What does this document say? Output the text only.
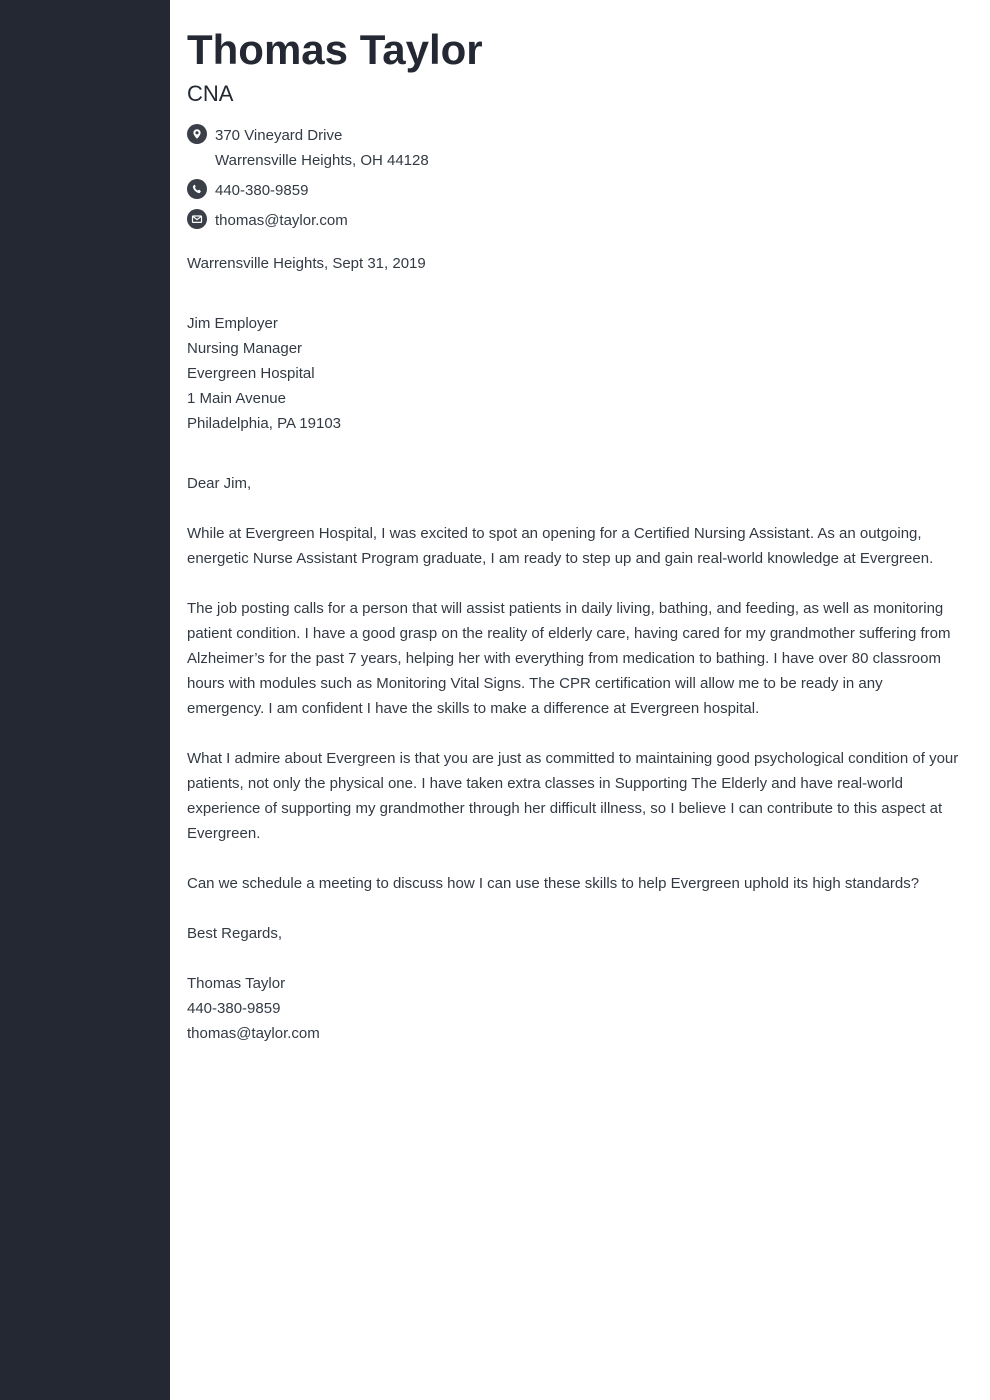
Thomas Taylor
CNA
370 Vineyard Drive
Warrensville Heights, OH 44128
440-380-9859
thomas@taylor.com
Warrensville Heights, Sept 31, 2019
Jim Employer
Nursing Manager
Evergreen Hospital
1 Main Avenue
Philadelphia, PA 19103
Dear Jim,
While at Evergreen Hospital, I was excited to spot an opening for a Certified Nursing Assistant. As an outgoing, energetic Nurse Assistant Program graduate, I am ready to step up and gain real-world knowledge at Evergreen.
The job posting calls for a person that will assist patients in daily living, bathing, and feeding, as well as monitoring patient condition. I have a good grasp on the reality of elderly care, having cared for my grandmother suffering from Alzheimer’s for the past 7 years, helping her with everything from medication to bathing. I have over 80 classroom hours with modules such as Monitoring Vital Signs. The CPR certification will allow me to be ready in any emergency. I am confident I have the skills to make a difference at Evergreen hospital.
What I admire about Evergreen is that you are just as committed to maintaining good psychological condition of your patients, not only the physical one. I have taken extra classes in Supporting The Elderly and have real-world experience of supporting my grandmother through her difficult illness, so I believe I can contribute to this aspect at Evergreen.
Can we schedule a meeting to discuss how I can use these skills to help Evergreen uphold its high standards?
Best Regards,
Thomas Taylor
440-380-9859
thomas@taylor.com
